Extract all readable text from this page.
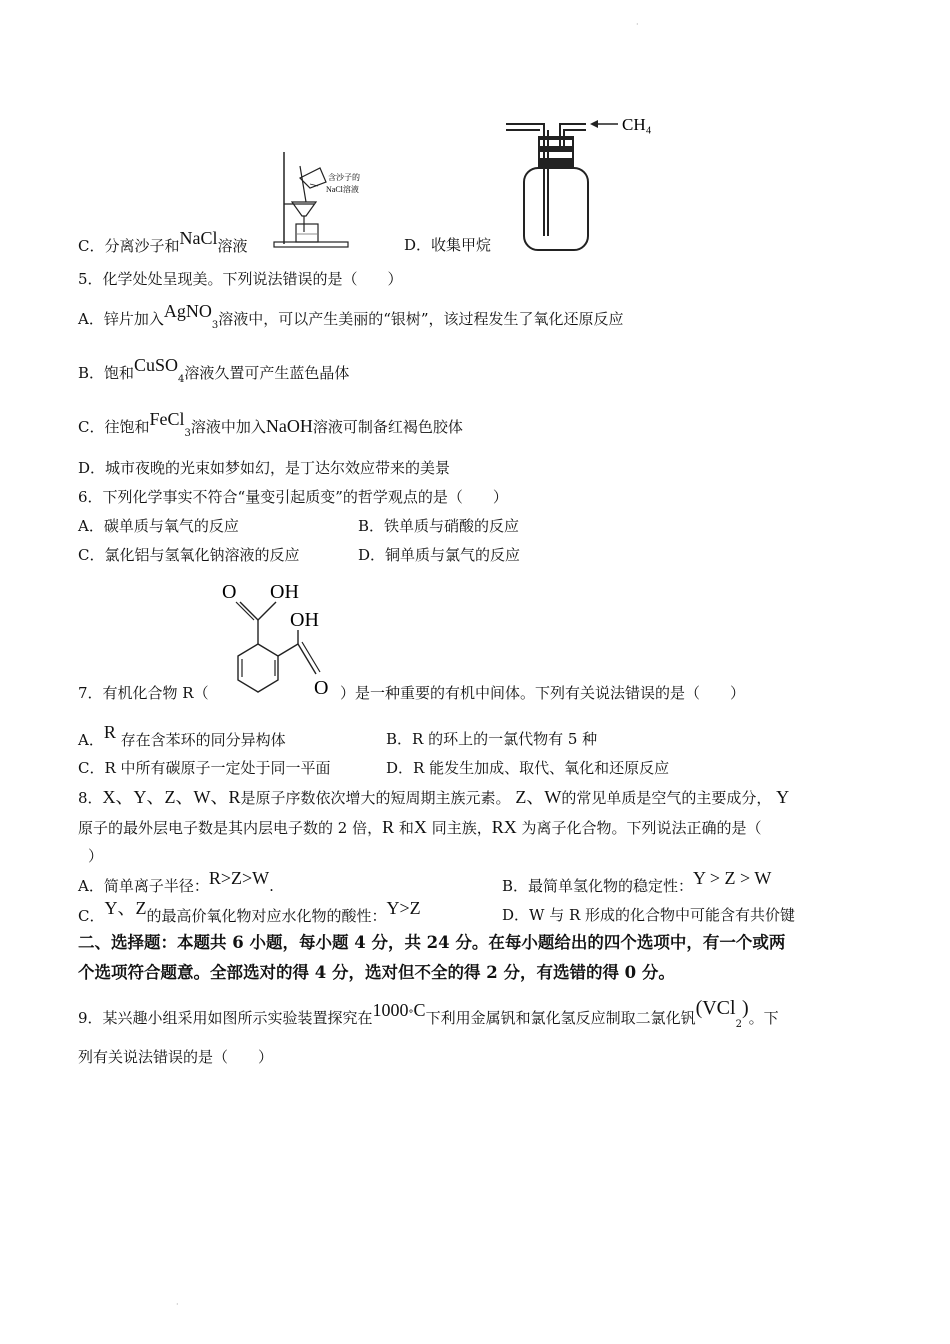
·
含沙子的
NaCl溶液
CH₄
C．分离沙子和NaCl溶液	D．收集甲烷
5．化学处处呈现美。下列说法错误的是（　　）
A．锌片加入AgNO$_3$溶液中，可以产生美丽的“银树”，该过程发生了氧化还原反应
B．饱和CuSO$_4$溶液久置可产生蓝色晶体
C．往饱和FeCl$_3$溶液中加入NaOH溶液可制备红褐色胶体
D．城市夜晚的光束如梦如幻，是丁达尔效应带来的美景
6．下列化学事实不符合“量变引起质变”的哲学观点的是（　　）
A．碳单质与氧气的反应	B．铁单质与硝酸的反应
C．氯化铝与氢氧化钠溶液的反应	D．铜单质与氯气的反应
O OH
OH
O
7．有机化合物 R（	）是一种重要的有机中间体。下列有关说法错误的是（　　）
A．R 存在含苯环的同分异构体	B．R 的环上的一氯代物有 5 种
C．R 中所有碳原子一定处于同一平面	D．R 能发生加成、取代、氧化和还原反应
8．X、Y、Z、W、R是原子序数依次增大的短周期主族元素。 Z、W的常见单质是空气的主要成分， Y
原子的最外层电子数是其内层电子数的 2 倍，R 和X 同主族，RX 为离子化合物。下列说法正确的是（
）
A．简单离子半径：R>Z>W.	B．最简单氢化物的稳定性：Y > Z > W
C．Y、Z的最高价氧化物对应水化物的酸性：Y>Z	D．W 与 R 形成的化合物中可能含有共价键
二、选择题：本题共 6 小题，每小题 4 分，共 24 分。在每小题给出的四个选项中，有一个或两
个选项符合题意。全部选对的得 4 分，选对但不全的得 2 分，有选错的得 0 分。
9．某兴趣小组采用如图所示实验装置探究在1000°C下利用金属钒和氯化氢反应制取二氯化钒(VCl$_2$)。下
列有关说法错误的是（　　）
·
